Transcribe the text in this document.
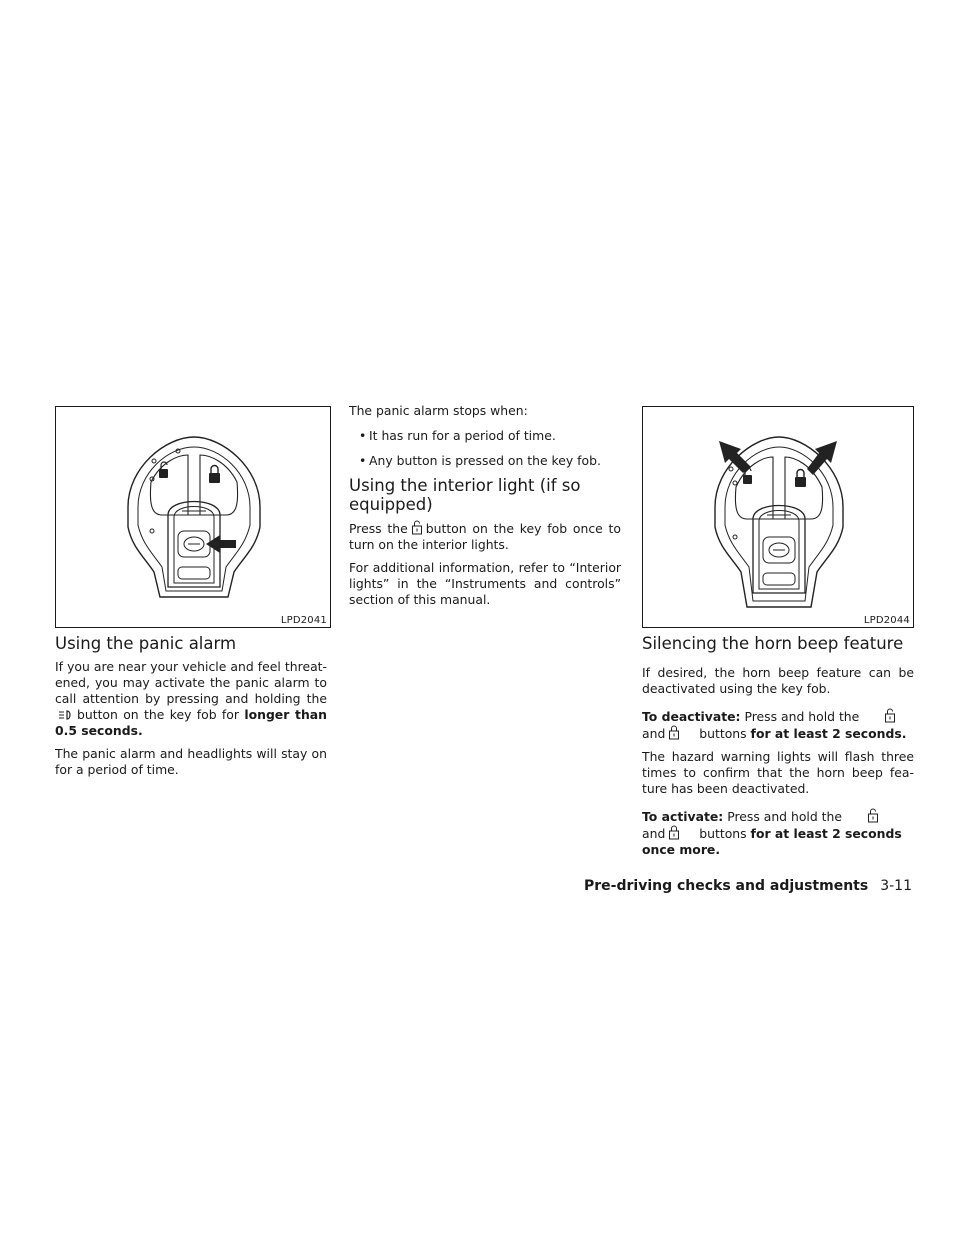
LPD2041	LPD2044
Using the panic alarm

If you are near your vehicle and feel threat-ened, you may activate the panic alarm to call attention by pressing and holding thebutton on the key fob for longer than 0.5 seconds.

The panic alarm and headlights will stay on for a period of time.

The panic alarm stops when:

• It has run for a period of time.
• Any button is pressed on the key fob.
Using the interior light (if so equipped)

Press the button on the key fob once to turn on the interior lights.

For additional information, refer to “Interior lights” in the “Instruments and controls” section of this manual.

Silencing the horn beep feature

If desired, the horn beep feature can be deactivated using the key fob.

To deactivate: Press and hold the
and	buttons for at least 2 seconds.

The hazard warning lights will flash three times to confirm that the horn beep fea-ture has been deactivated.

To activate: Press and hold the
and	buttons for at least 2 seconds once more.

Pre-driving checks and adjustments 3-11
